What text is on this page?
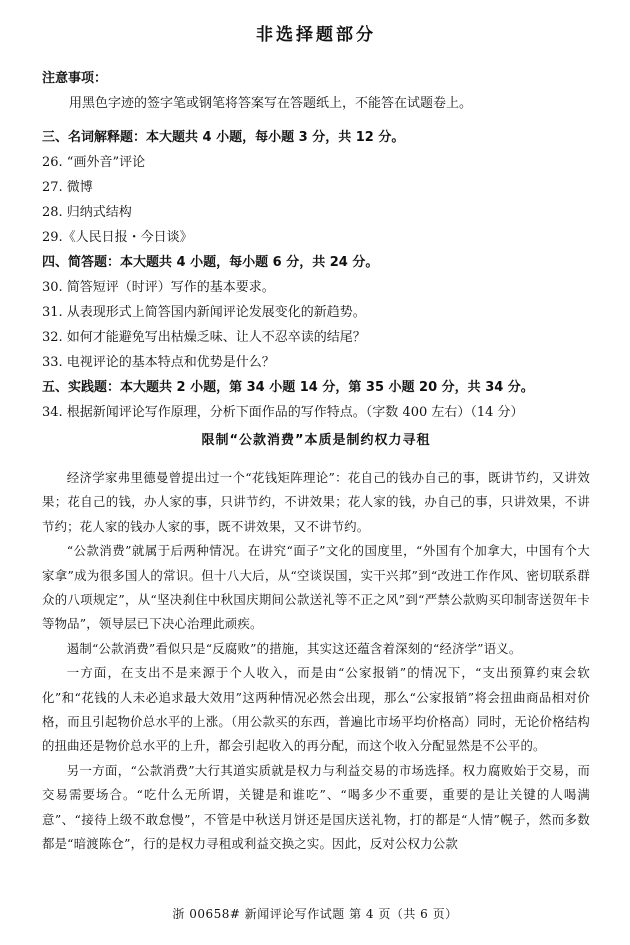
非选择题部分
注意事项：
用黑色字迹的签字笔或钢笔将答案写在答题纸上，不能答在试题卷上。
三、名词解释题：本大题共 4 小题，每小题 3 分，共 12 分。
26. “画外音”评论
27. 微博
28. 归纳式结构
29.《人民日报・今日谈》
四、简答题：本大题共 4 小题，每小题 6 分，共 24 分。
30. 简答短评（时评）写作的基本要求。
31. 从表现形式上简答国内新闻评论发展变化的新趋势。
32. 如何才能避免写出枯燥乏味、让人不忍卒读的结尾？
33. 电视评论的基本特点和优势是什么？
五、实践题：本大题共 2 小题，第 34 小题 14 分，第 35 小题 20 分，共 34 分。
34. 根据新闻评论写作原理，分析下面作品的写作特点。（字数 400 左右）（14 分）
限制“公款消费”本质是制约权力寻租

经济学家弗里德曼曾提出过一个“花钱矩阵理论”：花自己的钱办自己的事，既讲节约，又讲效果；花自己的钱，办人家的事，只讲节约，不讲效果；花人家的钱，办自己的事，只讲效果，不讲节约；花人家的钱办人家的事，既不讲效果，又不讲节约。

“公款消费”就属于后两种情况。在讲究“面子”文化的国度里，“外国有个加拿大，中国有个大家拿”成为很多国人的常识。但十八大后，从“空谈误国，实干兴邦”到“改进工作作风、密切联系群众的八项规定”，从“坚决刹住中秋国庆期间公款送礼等不正之风”到“严禁公款购买印制寄送贺年卡等物品”，领导层已下决心治理此顽疾。

遏制“公款消费”看似只是“反腐败”的措施，其实这还蕴含着深刻的“经济学”语义。

一方面，在支出不是来源于个人收入，而是由“公家报销”的情况下，“支出预算约束会软化”和“花钱的人未必追求最大效用”这两种情况必然会出现，那么“公家报销”将会扭曲商品相对价格，而且引起物价总水平的上涨。（用公款买的东西，普遍比市场平均价格高）同时，无论价格结构的扭曲还是物价总水平的上升，都会引起收入的再分配，而这个收入分配显然是不公平的。

另一方面，“公款消费”大行其道实质就是权力与利益交易的市场选择。权力腐败始于交易，而交易需要场合。“吃什么无所谓，关键是和谁吃”、“喝多少不重要，重要的是让关键的人喝满意”、“接待上级不敢怠慢”，不管是中秋送月饼还是国庆送礼物，打的都是“人情”幌子，然而多数都是“暗渡陈仓”，行的是权力寻租或利益交换之实。因此，反对公权力公款

浙 00658# 新闻评论写作试题 第 4 页（共 6 页）
